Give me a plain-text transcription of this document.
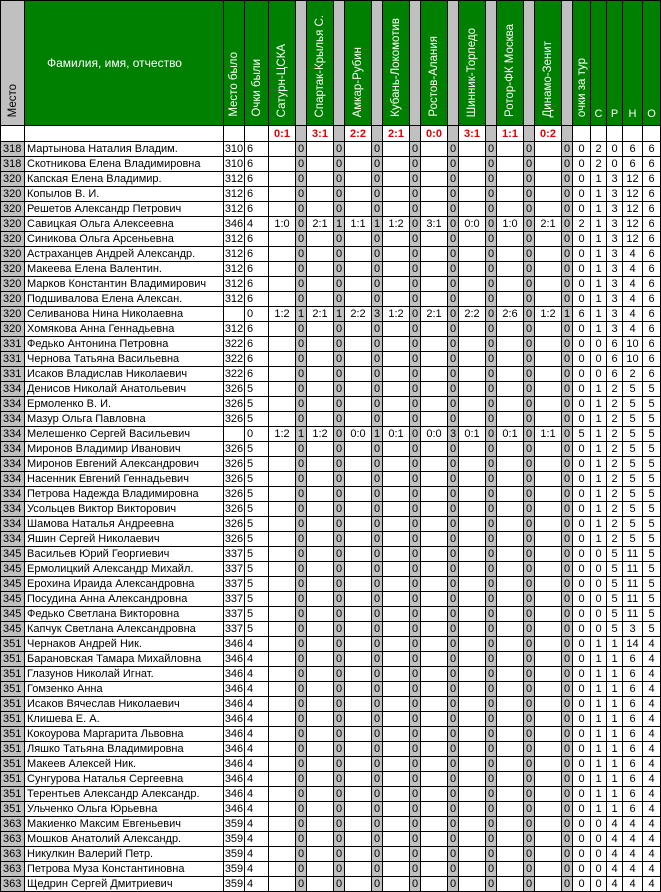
Место	Фамилия, имя, отчество	Место было	Очки были	Сатурн-ЦСКА		Спартак-Крылья С.		Амкар-Рубин		Кубань-Локомотив		Ростов-Алания		Шинник-Торпедо		Ротор-ФК Москва		Динамо-Зенит		очки за тур	С	Р	Н	О
				0:1		3:1		2:2		2:1		0:0		3:1		1:1		0:2						
318	Мартынова Наталия Владим.	310	6		0		0		0		0		0		0		0		0	0	2	0	6	6
318	Скотникова Елена Владимировна	310	6		0		0		0		0		0		0		0		0	0	2	0	6	6
320	Капская Елена Владимир.	312	6		0		0		0		0		0		0		0		0	0	1	3	12	6
320	Копылов В. И.	312	6		0		0		0		0		0		0		0		0	0	1	3	12	6
320	Решетов Александр Петрович	312	6		0		0		0		0		0		0		0		0	0	1	3	12	6
320	Савицкая Ольга Алексеевна	346	4	1:0	0	2:1	1	1:1	1	1:2	0	3:1	0	0:0	0	1:0	0	2:1	0	2	1	3	12	6
320	Синикова Ольга Арсеньевна	312	6		0		0		0		0		0		0		0		0	0	1	3	12	6
320	Астраханцев Андрей Александр.	312	6		0		0		0		0		0		0		0		0	0	1	3	4	6
320	Макеева Елена Валентин.	312	6		0		0		0		0		0		0		0		0	0	1	3	4	6
320	Марков Константин Владимирович	312	6		0		0		0		0		0		0		0		0	0	1	3	4	6
320	Подшивалова Елена Алексан.	312	6		0		0		0		0		0		0		0		0	0	1	3	4	6
320	Селиванова Нина Николаевна		0	1:2	1	2:1	1	2:2	3	1:2	0	2:1	0	2:2	0	2:6	0	1:2	1	6	1	3	4	6
320	Хомякова Анна Геннадьевна	312	6		0		0		0		0		0		0		0		0	0	1	3	4	6
331	Федько Антонина Петровна	322	6		0		0		0		0		0		0		0		0	0	0	6	10	6
331	Чернова Татьяна Васильевна	322	6		0		0		0		0		0		0		0		0	0	0	6	10	6
331	Исаков Владислав Николаевич	322	6		0		0		0		0		0		0		0		0	0	0	6	2	6
334	Денисов Николай Анатольевич	326	5		0		0		0		0		0		0		0		0	0	1	2	5	5
334	Ермоленко В. И.	326	5		0		0		0		0		0		0		0		0	0	1	2	5	5
334	Мазур Ольга Павловна	326	5		0		0		0		0		0		0		0		0	0	1	2	5	5
334	Мелешенко Сергей Васильевич		0	1:2	1	1:2	0	0:0	1	0:1	0	0:0	3	0:1	0	0:1	0	1:1	0	5	1	2	5	5
334	Миронов Владимир Иванович	326	5		0		0		0		0		0		0		0		0	0	1	2	5	5
334	Миронов Евгений Александрович	326	5		0		0		0		0		0		0		0		0	0	1	2	5	5
334	Насенник Евгений Геннадьевич	326	5		0		0		0		0		0		0		0		0	0	1	2	5	5
334	Петрова Надежда Владимировна	326	5		0		0		0		0		0		0		0		0	0	1	2	5	5
334	Усольцев Виктор Викторович	326	5		0		0		0		0		0		0		0		0	0	1	2	5	5
334	Шамова Наталья Андреевна	326	5		0		0		0		0		0		0		0		0	0	1	2	5	5
334	Яшин Сергей Николаевич	326	5		0		0		0		0		0		0		0		0	0	1	2	5	5
345	Васильев Юрий Георгиевич	337	5		0		0		0		0		0		0		0		0	0	0	5	11	5
345	Ермолицкий Александр Михайл.	337	5		0		0		0		0		0		0		0		0	0	0	5	11	5
345	Ерохина Ираида Александровна	337	5		0		0		0		0		0		0		0		0	0	0	5	11	5
345	Посудина Анна Александровна	337	5		0		0		0		0		0		0		0		0	0	0	5	11	5
345	Федько Светлана Викторовна	337	5		0		0		0		0		0		0		0		0	0	0	5	11	5
345	Капчук Светлана Александровна	337	5		0		0		0		0		0		0		0		0	0	0	5	3	5
351	Чернаков Андрей Ник.	346	4		0		0		0		0		0		0		0		0	0	1	1	14	4
351	Барановская Тамара Михайловна	346	4		0		0		0		0		0		0		0		0	0	1	1	6	4
351	Глазунов Николай Игнат.	346	4		0		0		0		0		0		0		0		0	0	1	1	6	4
351	Гомзенко Анна	346	4		0		0		0		0		0		0		0		0	0	1	1	6	4
351	Исаков Вячеслав Николаевич	346	4		0		0		0		0		0		0		0		0	0	1	1	6	4
351	Клишева Е. А.	346	4		0		0		0		0		0		0		0		0	0	1	1	6	4
351	Кокоурова Маргарита Львовна	346	4		0		0		0		0		0		0		0		0	0	1	1	6	4
351	Ляшко Татьяна Владимировна	346	4		0		0		0		0		0		0		0		0	0	1	1	6	4
351	Макеев Алексей Ник.	346	4		0		0		0		0		0		0		0		0	0	1	1	6	4
351	Сунгурова Наталья Сергеевна	346	4		0		0		0		0		0		0		0		0	0	1	1	6	4
351	Терентьев Александр Александр.	346	4		0		0		0		0		0		0		0		0	0	1	1	6	4
351	Ульченко Ольга Юрьевна	346	4		0		0		0		0		0		0		0		0	0	1	1	6	4
363	Макиенко Максим Евгеньевич	359	4		0		0		0		0		0		0		0		0	0	0	4	4	4
363	Мошков Анатолий Александр.	359	4		0		0		0		0		0		0		0		0	0	0	4	4	4
363	Никулкин Валерий Петр.	359	4		0		0		0		0		0		0		0		0	0	0	4	4	4
363	Петрова Муза Константиновна	359	4		0		0		0		0		0		0		0		0	0	0	4	4	4
363	Щедрин Сергей Дмитриевич	359	4		0		0		0		0		0		0		0		0	0	0	4	4	4
